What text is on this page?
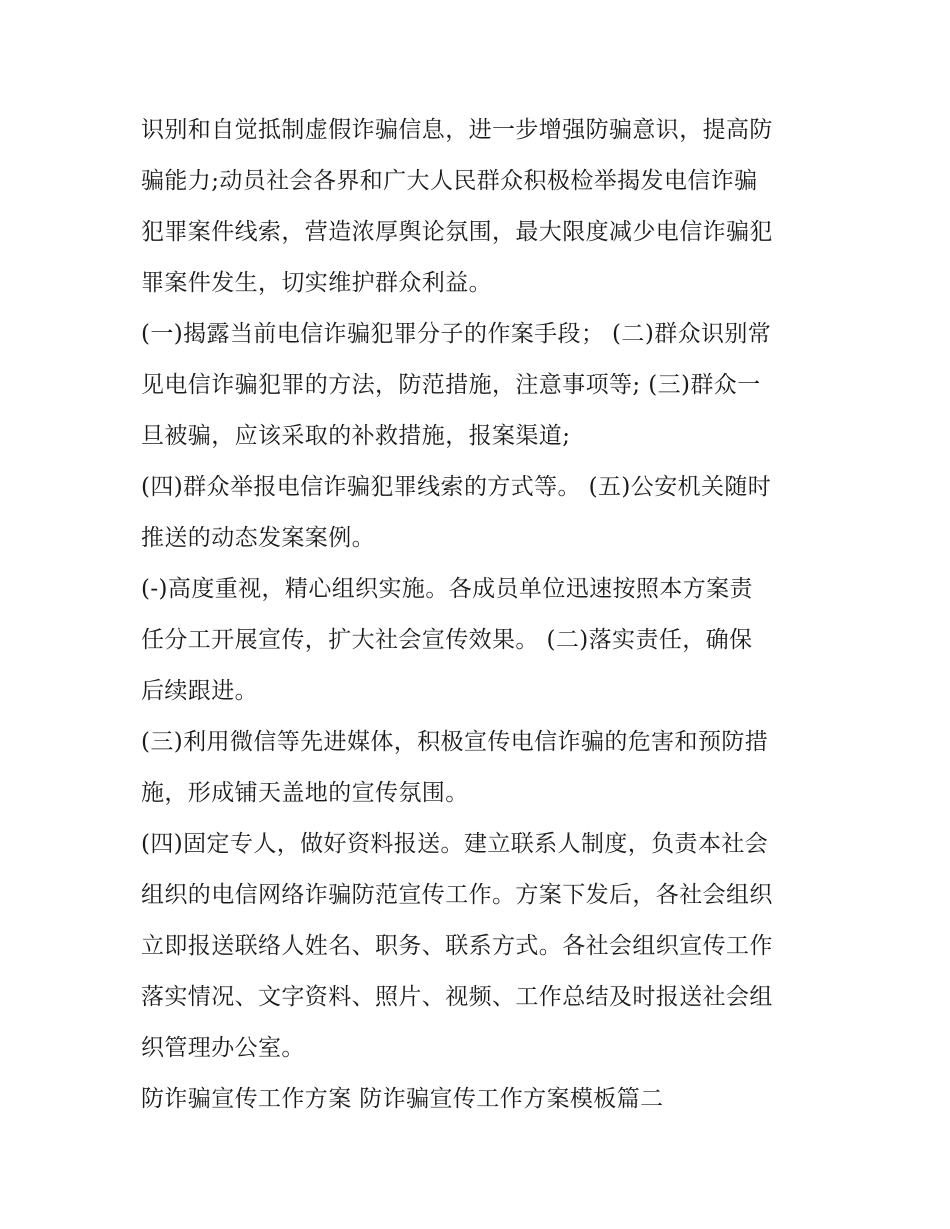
识别和自觉抵制虚假诈骗信息，进一步增强防骗意识，提高防
骗能力;动员社会各界和广大人民群众积极检举揭发电信诈骗
犯罪案件线索，营造浓厚舆论氛围，最大限度减少电信诈骗犯
罪案件发生，切实维护群众利益。
(一)揭露当前电信诈骗犯罪分子的作案手段； (二)群众识别常
见电信诈骗犯罪的方法，防范措施，注意事项等; (三)群众一
旦被骗，应该采取的补救措施，报案渠道;
(四)群众举报电信诈骗犯罪线索的方式等。 (五)公安机关随时
推送的动态发案案例。
(-)高度重视，精心组织实施。各成员单位迅速按照本方案责
任分工开展宣传，扩大社会宣传效果。 (二)落实责任，确保
后续跟进。
(三)利用微信等先进媒体，积极宣传电信诈骗的危害和预防措
施，形成铺天盖地的宣传氛围。
(四)固定专人，做好资料报送。建立联系人制度，负责本社会
组织的电信网络诈骗防范宣传工作。方案下发后，各社会组织
立即报送联络人姓名、职务、联系方式。各社会组织宣传工作
落实情况、文字资料、照片、视频、工作总结及时报送社会组
织管理办公室。
防诈骗宣传工作方案 防诈骗宣传工作方案模板篇二
